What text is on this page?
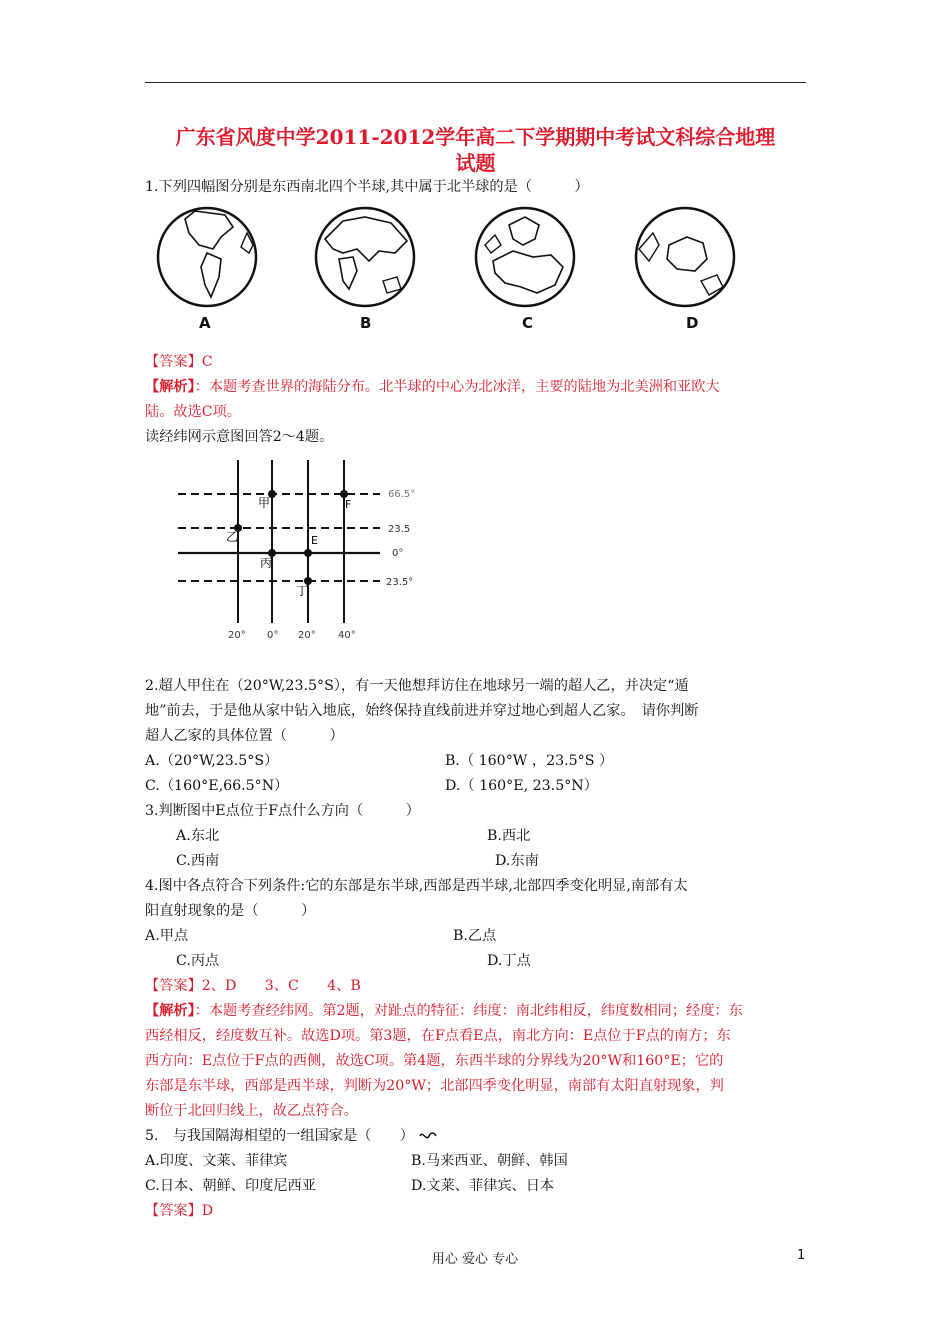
广东省风度中学2011-2012学年高二下学期期中考试文科综合地理
试题
1.下列四幅图分别是东西南北四个半球,其中属于北半球的是（　　　）
A	B	C	D
【答案】C
【解析】：本题考查世界的海陆分布。北半球的中心为北冰洋，主要的陆地为北美洲和亚欧大
陆。故选C项。
读经纬网示意图回答2～4题。
66.5°
23.5
0°
23.5°
20° 0° 20° 40°
甲	F
乙	E
丙
丁
2.超人甲住在（20°W,23.5°S），有一天他想拜访住在地球另一端的超人乙，并决定“遁
地”前去，于是他从家中钻入地底，始终保持直线前进并穿过地心到超人乙家。　请你判断
超人乙家的具体位置（　　　）
A.（20°W,23.5°S）	B.（ 160°W ，23.5°S ）
C.（160°E,66.5°N）	D.（ 160°E, 23.5°N）
3.判断图中E点位于F点什么方向（　　　）
A.东北	B.西北
C.西南	D.东南
4.图中各点符合下列条件:它的东部是东半球,西部是西半球,北部四季变化明显,南部有太
阳直射现象的是（　　　）
A.甲点	B.乙点
C.丙点	D.丁点
【答案】2、D　　3、C　　4、B
【解析】：本题考查经纬网。第2题，对趾点的特征：纬度：南北纬相反，纬度数相同；经度：东
西经相反，经度数互补。故选D项。第3题，在F点看E点，南北方向：E点位于F点的南方；东
西方向：E点位于F点的西侧，故选C项。第4题，东西半球的分界线为20°W和160°E；它的
东部是东半球，西部是西半球，判断为20°W；北部四季变化明显，南部有太阳直射现象，判
断位于北回归线上，故乙点符合。
5.　与我国隔海相望的一组国家是（　　）
A.印度、文莱、菲律宾	B.马来西亚、朝鲜、韩国
C.日本、朝鲜、印度尼西亚	D.文莱、菲律宾、日本
【答案】D
用心 爱心 专心	1
